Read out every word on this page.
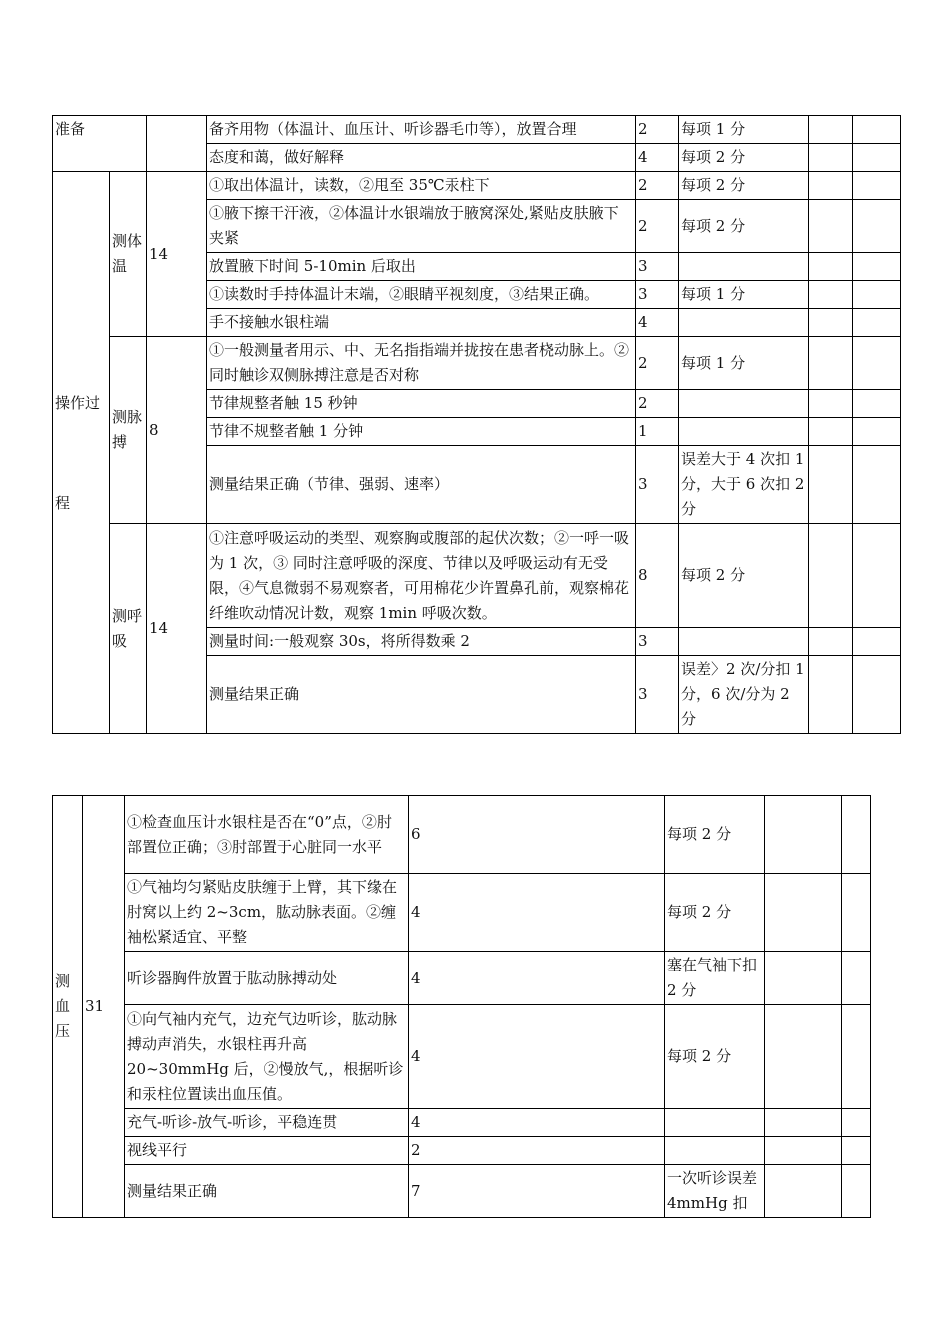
准备			备齐用物（体温计、血压计、听诊器毛巾等），放置合理	2	每项 1 分		
			态度和蔼，做好解释	4	每项 2 分		
操作过程	测体温	14	①取出体温计，读数，②甩至 35℃汞柱下	2	每项 2 分		
			①腋下擦干汗液，②体温计水银端放于腋窝深处,紧贴皮肤腋下夹紧	2	每项 2 分		
			放置腋下时间 5-10min 后取出	3			
			①读数时手持体温计末端，②眼睛平视刻度，③结果正确。	3	每项 1 分		
			手不接触水银柱端	4			
	测脉搏	8	①一般测量者用示、中、无名指指端并拢按在患者桡动脉上。②同时触诊双侧脉搏注意是否对称	2	每项 1 分		
			节律规整者触 15 秒钟	2			
			节律不规整者触 1 分钟	1			
			测量结果正确（节律、强弱、速率）	3	误差大于 4 次扣 1 分，大于 6 次扣 2 分		
	测呼吸	14	①注意呼吸运动的类型、观察胸或腹部的起伏次数；②一呼一吸为 1 次，③ 同时注意呼吸的深度、节律以及呼吸运动有无受限，④气息微弱不易观察者，可用棉花少许置鼻孔前，观察棉花纤维吹动情况计数，观察 1min 呼吸次数。	8	每项 2 分		
			测量时间:一般观察 30s，将所得数乘 2	3			
			测量结果正确	3	误差〉2 次/分扣 1 分，6 次/分为 2 分		
测血压	31	①检查血压计水银柱是否在“0”点，②肘部置位正确；③肘部置于心脏同一水平	6	每项 2 分		
		①气袖均匀紧贴皮肤缠于上臂，其下缘在肘窝以上约 2~3cm，肱动脉表面。②缠袖松紧适宜、平整	4	每项 2 分		
		听诊器胸件放置于肱动脉搏动处	4	塞在气袖下扣 2 分		
		①向气袖内充气，边充气边听诊，肱动脉搏动声消失，水银柱再升高 20~30mmHg 后，②慢放气,，根据听诊和汞柱位置读出血压值。	4	每项 2 分		
		充气-听诊-放气-听诊，平稳连贯	4			
		视线平行	2			
		测量结果正确	7	一次听诊误差 4mmHg 扣		
